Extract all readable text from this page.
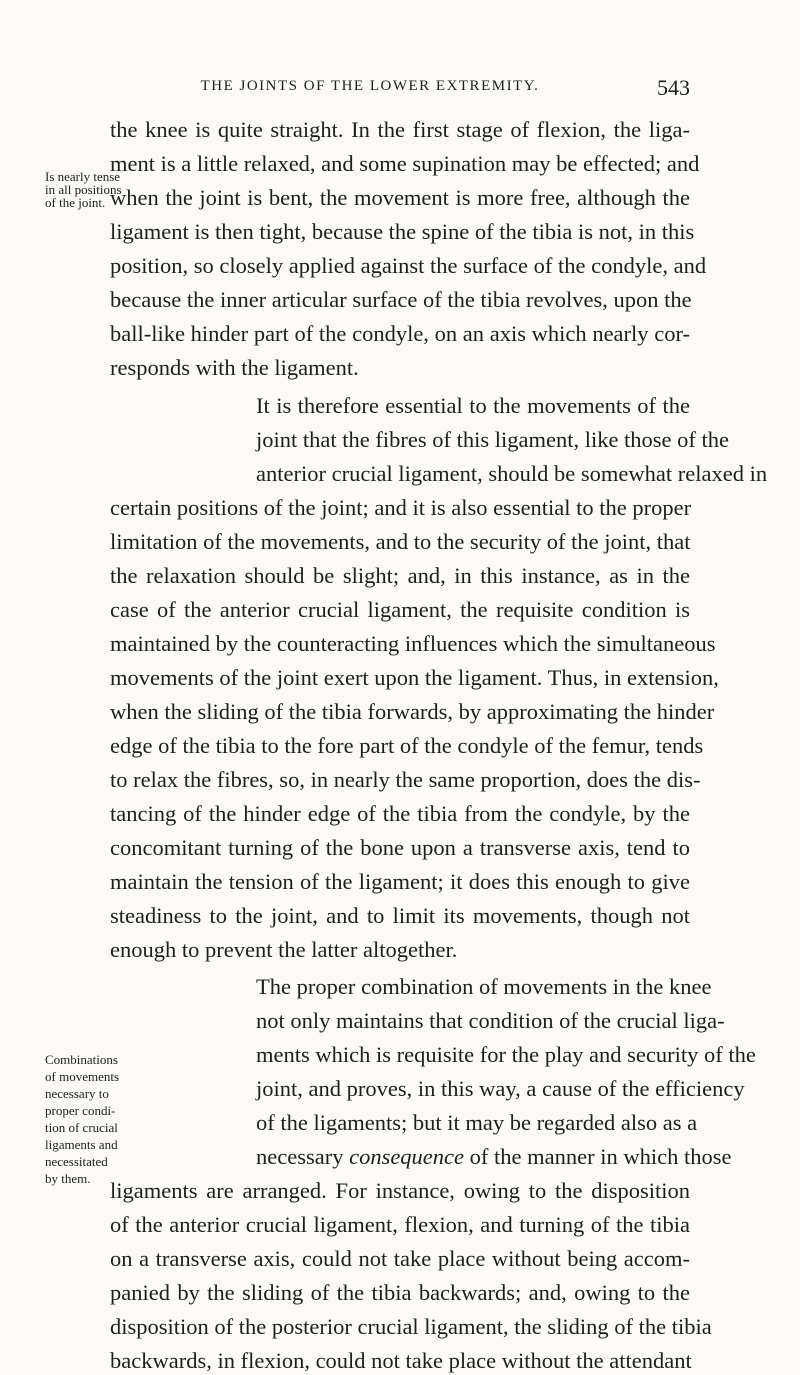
THE JOINTS OF THE LOWER EXTREMITY.	543
Is nearly tense
in all positions
of the joint.
Combinations
of movements
necessary to
proper condi-
tion of crucial
ligaments and
necessitated
by them.
the knee is quite straight. In the first stage of flexion, the liga-
ment is a little relaxed, and some supination may be effected; and
when the joint is bent, the movement is more free, although the
ligament is then tight, because the spine of the tibia is not, in this
position, so closely applied against the surface of the condyle, and
because the inner articular surface of the tibia revolves, upon the
ball-like hinder part of the condyle, on an axis which nearly cor-
responds with the ligament.
It is therefore essential to the movements of the
joint that the fibres of this ligament, like those of the
anterior crucial ligament, should be somewhat relaxed in
certain positions of the joint; and it is also essential to the proper
limitation of the movements, and to the security of the joint, that
the relaxation should be slight; and, in this instance, as in the
case of the anterior crucial ligament, the requisite condition is
maintained by the counteracting influences which the simultaneous
movements of the joint exert upon the ligament. Thus, in extension,
when the sliding of the tibia forwards, by approximating the hinder
edge of the tibia to the fore part of the condyle of the femur, tends
to relax the fibres, so, in nearly the same proportion, does the dis-
tancing of the hinder edge of the tibia from the condyle, by the
concomitant turning of the bone upon a transverse axis, tend to
maintain the tension of the ligament; it does this enough to give
steadiness to the joint, and to limit its movements, though not
enough to prevent the latter altogether.
The proper combination of movements in the knee
not only maintains that condition of the crucial liga-
ments which is requisite for the play and security of the
joint, and proves, in this way, a cause of the efficiency
of the ligaments; but it may be regarded also as a
necessary consequence of the manner in which those
ligaments are arranged. For instance, owing to the disposition
of the anterior crucial ligament, flexion, and turning of the tibia
on a transverse axis, could not take place without being accom-
panied by the sliding of the tibia backwards; and, owing to the
disposition of the posterior crucial ligament, the sliding of the tibia
backwards, in flexion, could not take place without the attendant
